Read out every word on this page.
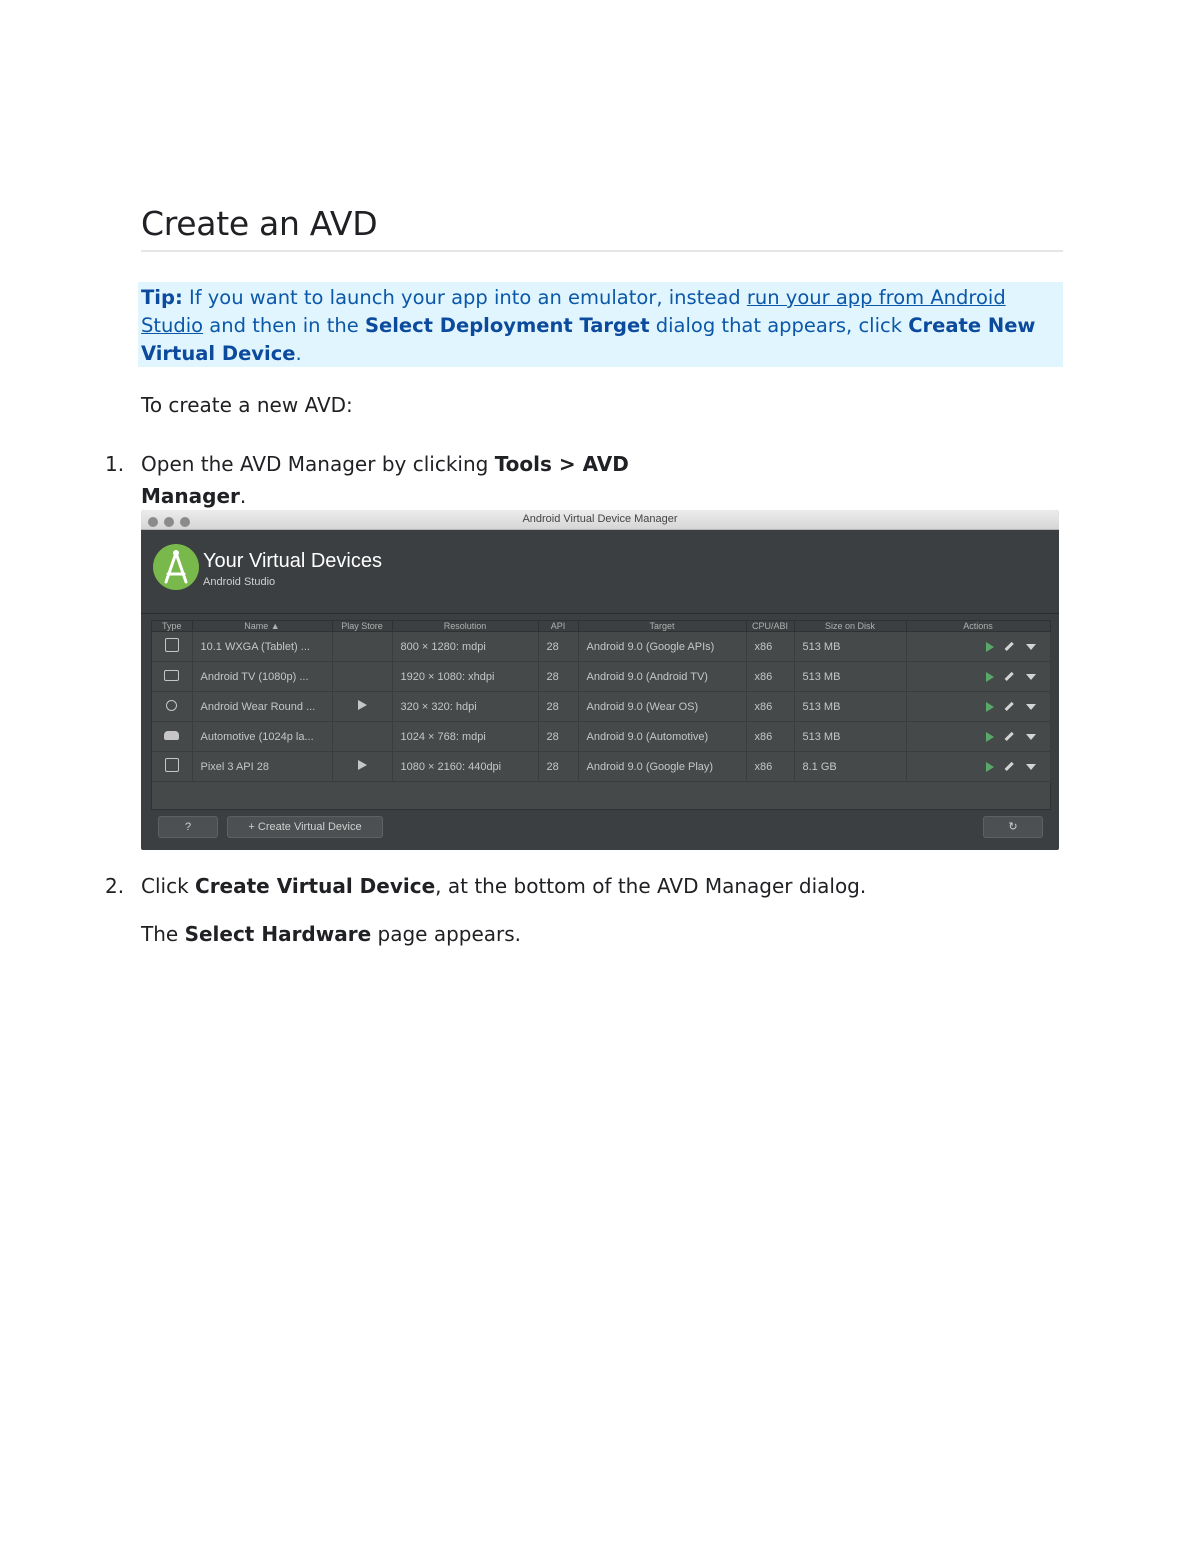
Create an AVD
Tip: If you want to launch your app into an emulator, instead run your app from Android Studio and then in the Select Deployment Target dialog that appears, click Create New Virtual Device.

To create a new AVD:

1. Open the AVD Manager by clicking Tools > AVD
Manager.
Android Virtual Device Manager
Your Virtual Devices
Android Studio
Type	Name ▲	Play Store	Resolution	API	Target	CPU/ABI	Size on Disk	Actions
	10.1 WXGA (Tablet) ...		800 × 1280: mdpi	28	Android 9.0 (Google APIs)	x86	513 MB	
	Android TV (1080p) ...		1920 × 1080: xhdpi	28	Android 9.0 (Android TV)	x86	513 MB	
	Android Wear Round ...		320 × 320: hdpi	28	Android 9.0 (Wear OS)	x86	513 MB	
	Automotive (1024p la...		1024 × 768: mdpi	28	Android 9.0 (Automotive)	x86	513 MB	
	Pixel 3 API 28		1080 × 2160: 440dpi	28	Android 9.0 (Google Play)	x86	8.1 GB	
?	+ Create Virtual Device	↻
2. Click Create Virtual Device, at the bottom of the AVD Manager dialog.

The Select Hardware page appears.
